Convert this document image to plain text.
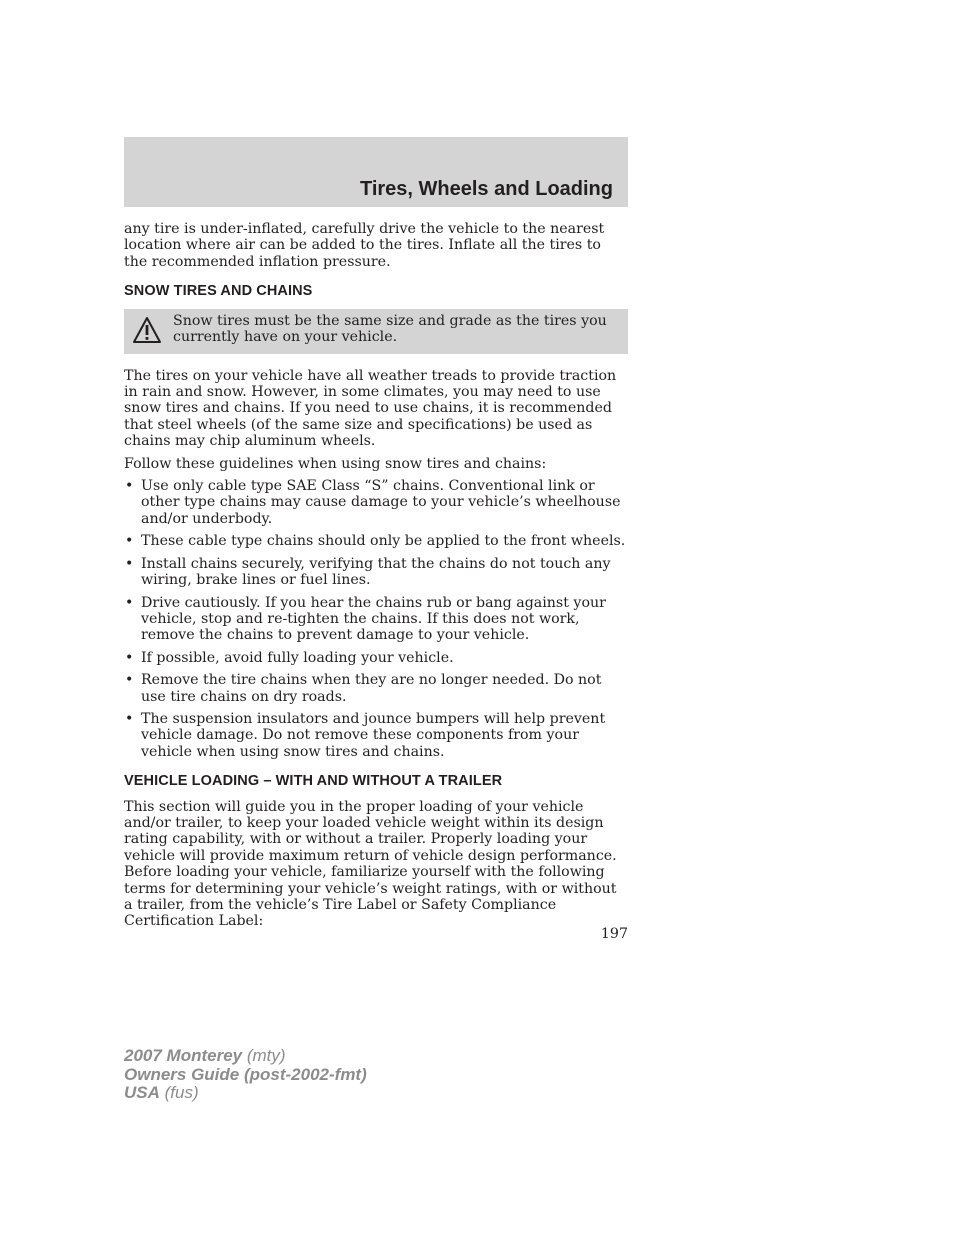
Tires, Wheels and Loading

any tire is under-inflated, carefully drive the vehicle to the nearest location where air can be added to the tires. Inflate all the tires to the recommended inflation pressure.

SNOW TIRES AND CHAINS
Snow tires must be the same size and grade as the tires you currently have on your vehicle.

The tires on your vehicle have all weather treads to provide traction in rain and snow. However, in some climates, you may need to use snow tires and chains. If you need to use chains, it is recommended that steel wheels (of the same size and specifications) be used as chains may chip aluminum wheels.

Follow these guidelines when using snow tires and chains:

• Use only cable type SAE Class “S” chains. Conventional link or other type chains may cause damage to your vehicle’s wheelhouse and/or underbody.
• These cable type chains should only be applied to the front wheels.
• Install chains securely, verifying that the chains do not touch any wiring, brake lines or fuel lines.
• Drive cautiously. If you hear the chains rub or bang against your vehicle, stop and re-tighten the chains. If this does not work, remove the chains to prevent damage to your vehicle.
• If possible, avoid fully loading your vehicle.
• Remove the tire chains when they are no longer needed. Do not use tire chains on dry roads.
• The suspension insulators and jounce bumpers will help prevent vehicle damage. Do not remove these components from your vehicle when using snow tires and chains.
VEHICLE LOADING – WITH AND WITHOUT A TRAILER

This section will guide you in the proper loading of your vehicle and/or trailer, to keep your loaded vehicle weight within its design rating capability, with or without a trailer. Properly loading your vehicle will provide maximum return of vehicle design performance. Before loading your vehicle, familiarize yourself with the following terms for determining your vehicle’s weight ratings, with or without a trailer, from the vehicle’s Tire Label or Safety Compliance Certification Label:

197
2007 Monterey (mty)
Owners Guide (post-2002-fmt)
USA (fus)
